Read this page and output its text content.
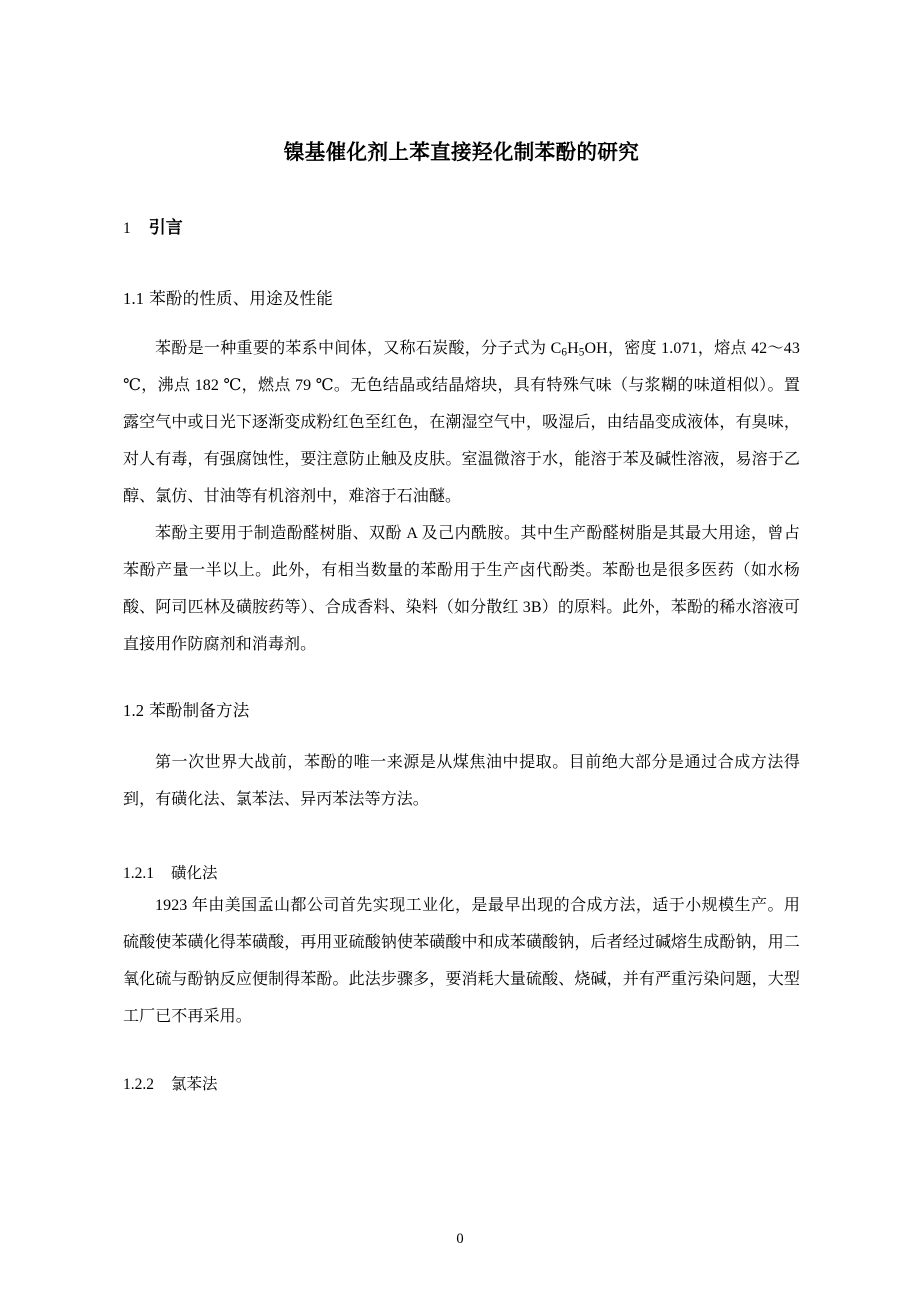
镍基催化剂上苯直接羟化制苯酚的研究
1 引言
1.1 苯酚的性质、用途及性能

苯酚是一种重要的苯系中间体，又称石炭酸，分子式为 $C_6H_5OH$，密度 1.071，熔点 42～43 ℃，沸点 182 ℃，燃点 79 ℃。无色结晶或结晶熔块，具有特殊气味（与浆糊的味道相似）。置露空气中或日光下逐渐变成粉红色至红色，在潮湿空气中，吸湿后，由结晶变成液体，有臭味，对人有毒，有强腐蚀性，要注意防止触及皮肤。室温微溶于水，能溶于苯及碱性溶液，易溶于乙醇、氯仿、甘油等有机溶剂中，难溶于石油醚。

苯酚主要用于制造酚醛树脂、双酚 A 及己内酰胺。其中生产酚醛树脂是其最大用途，曾占苯酚产量一半以上。此外，有相当数量的苯酚用于生产卤代酚类。苯酚也是很多医药（如水杨酸、阿司匹林及磺胺药等）、合成香料、染料（如分散红 3B）的原料。此外，苯酚的稀水溶液可直接用作防腐剂和消毒剂。

1.2 苯酚制备方法

第一次世界大战前，苯酚的唯一来源是从煤焦油中提取。目前绝大部分是通过合成方法得到，有磺化法、氯苯法、异丙苯法等方法。

1.2.1 磺化法

1923 年由美国孟山都公司首先实现工业化，是最早出现的合成方法，适于小规模生产。用硫酸使苯磺化得苯磺酸，再用亚硫酸钠使苯磺酸中和成苯磺酸钠，后者经过碱熔生成酚钠，用二氧化硫与酚钠反应便制得苯酚。此法步骤多，要消耗大量硫酸、烧碱，并有严重污染问题，大型工厂已不再采用。

1.2.2 氯苯法
0
